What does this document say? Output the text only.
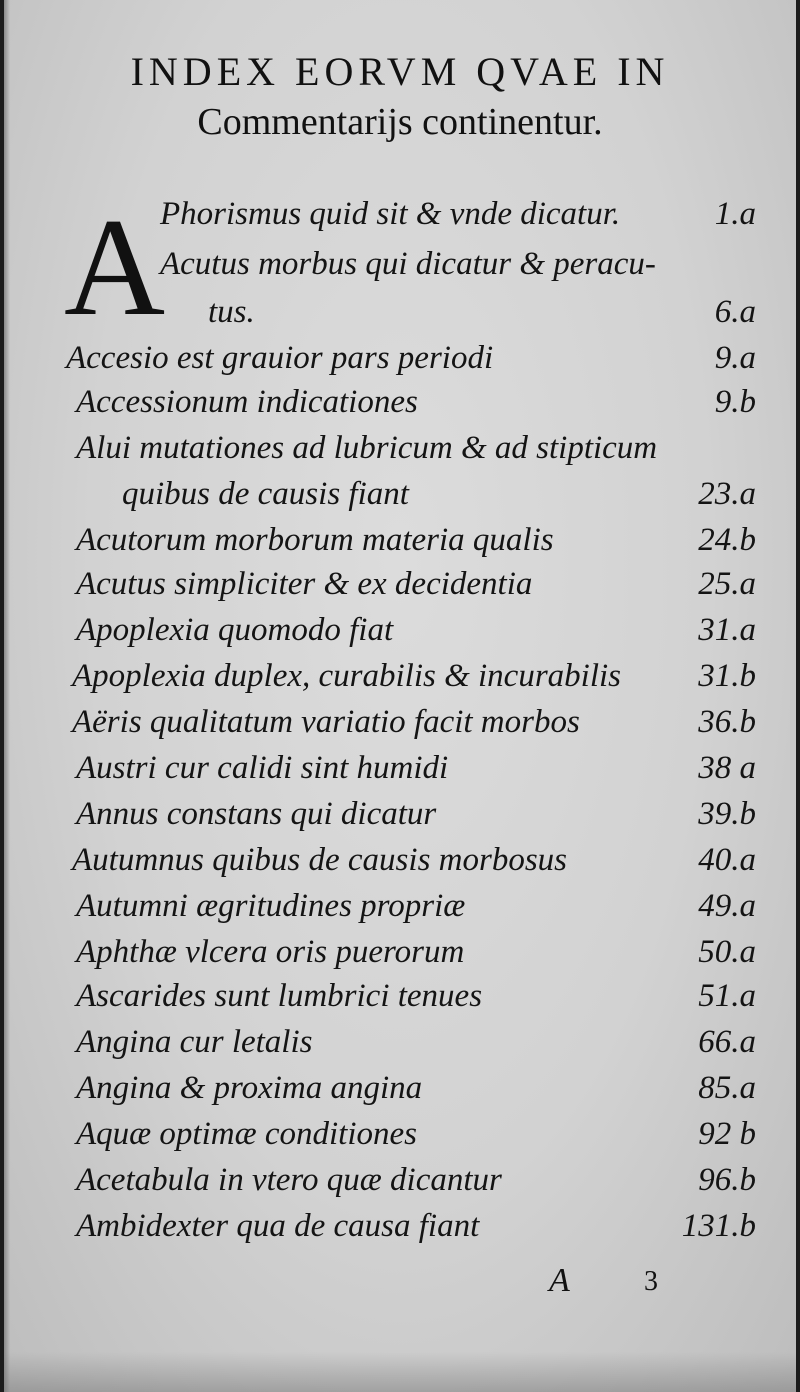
INDEX EORVM QVAE IN
Commentarijs continentur.
A
Phorismus quid sit & vnde dicatur.	1.a
Acutus morbus qui dicatur & peracu-
tus.	6.a
Accesio est grauior pars periodi	9.a
Accessionum indicationes	9.b
Alui mutationes ad lubricum & ad stipticum
quibus de causis fiant	23.a
Acutorum morborum materia qualis	24.b
Acutus simpliciter & ex decidentia	25.a
Apoplexia quomodo fiat	31.a
Apoplexia duplex, curabilis & incurabilis 31.b
Aëris qualitatum variatio facit morbos	36.b
Austri cur calidi sint humidi	38 a
Annus constans qui dicatur	39.b
Autumnus quibus de causis morbosus	40.a
Autumni ægritudines propriæ	49.a
Aphthæ vlcera oris puerorum	50.a
Ascarides sunt lumbrici tenues	51.a
Angina cur letalis	66.a
Angina & proxima angina	85.a
Aquæ optimæ conditiones	92 b
Acetabula in vtero quæ dicantur	96.b
Ambidexter qua de causa fiant	131.b
A	3
